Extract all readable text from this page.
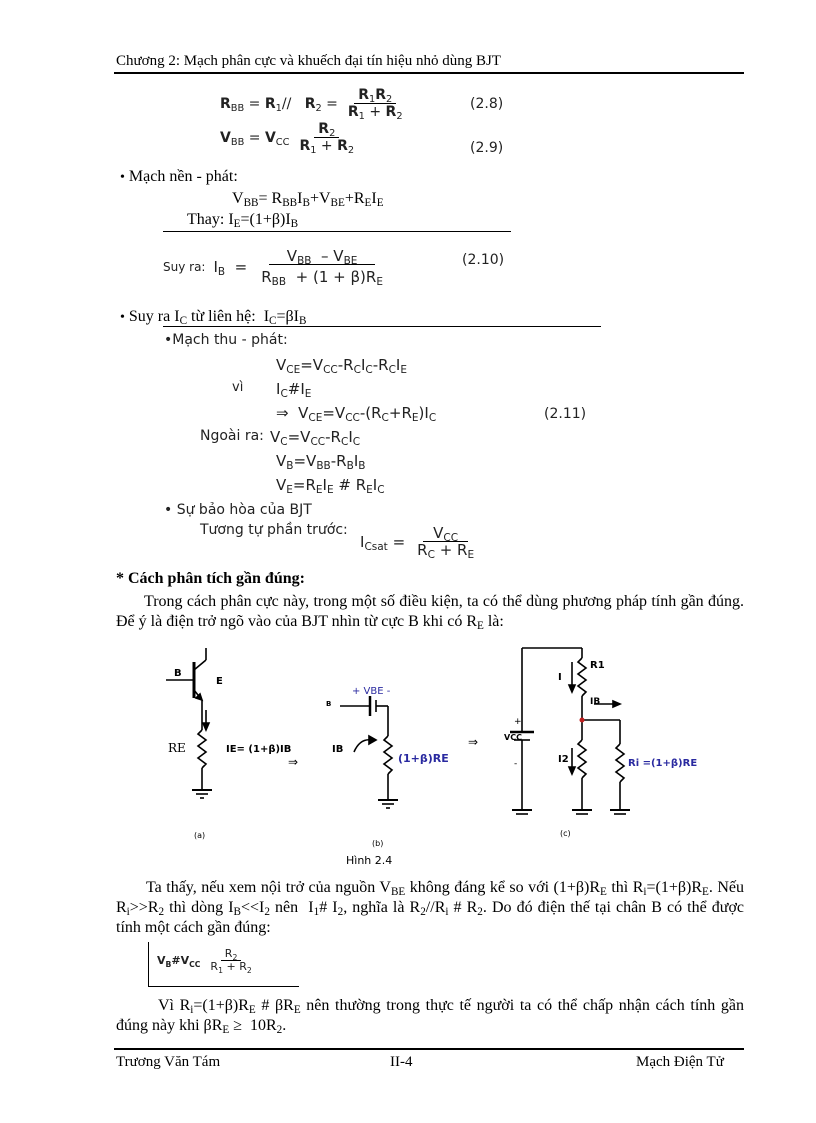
Chương 2: Mạch phân cực và khuếch đại tín hiệu nhỏ dùng BJT
$R_{BB} = R_1//$   $R_2 = \frac{R_1R_2}{R_1 + R_2}$	(2.8)
$V_{BB} = V_{CC} \frac{R_2}{R_1 + R_2}$	(2.9)
• Mạch nền - phát:
$V_{BB}= R_{BB}I_B+V_{BE}+R_EI_E$
Thay: $I_E=(1+\beta)I_B$
Suy ra: $I_B = \frac{V_{BB} - V_{BE}}{R_{BB} + (1 + \beta)R_E}$	(2.10)
• Suy ra $I_C$ từ liên hệ:  $I_C=\beta I_B$
•Mạch thu - phát:
$V_{CE}=V_{CC}-R_CI_C-R_CI_E$
vì $I_C\#I_E$
⇒  $V_{CE}=V_{CC}-(R_C+R_E)I_C$	(2.11)
Ngoài ra: $V_C=V_{CC}-R_CI_C$
$V_B=V_{BB}-R_BI_B$
$V_E=R_EI_E$ # $R_EI_C$
• Sự bảo hòa của BJT
Tương tự phần trước:
$I_{Csat} = \frac{V_{CC}}{R_C + R_E}$
* Cách phân tích gần đúng:
Trong cách phân cực này, trong một số điều kiện, ta có thể dùng phương pháp tính gần đúng. Để ý là điện trở ngõ vào của BJT nhìn từ cực B khi có $R_E$ là:
B
E
RE	IE= (1+β)IB
⇒
(a)
+ VBE -
B
IB
(1+β)RE
⇒
(b)
R1
I
IB
VCC
+
-	I2	Ri =(1+β)RE
(c)
Hình 2.4
Ta thấy, nếu xem nội trở của nguồn $V_{BE}$ không đáng kể so với $(1+\beta)R_E$ thì $R_i=(1+\beta)R_E$. Nếu $R_i>>R_2$ thì dòng $I_B<<I_2$ nên  $I_1\#$ $I_2$, nghĩa là $R_2//R_i$ # $R_2$. Do đó điện thế tại chân B có thể được tính một cách gần đúng:
$V_B\#V_{CC} \frac{R_2}{R_1 + R_2}$
Vì $R_i=(1+\beta)R_E$ # $\beta R_E$ nên thường trong thực tế người ta có thể chấp nhận cách tính gần đúng này khi $\beta R_E \ge 10R_2$.
Trương Văn Tám	II-4	Mạch Điện Tử
